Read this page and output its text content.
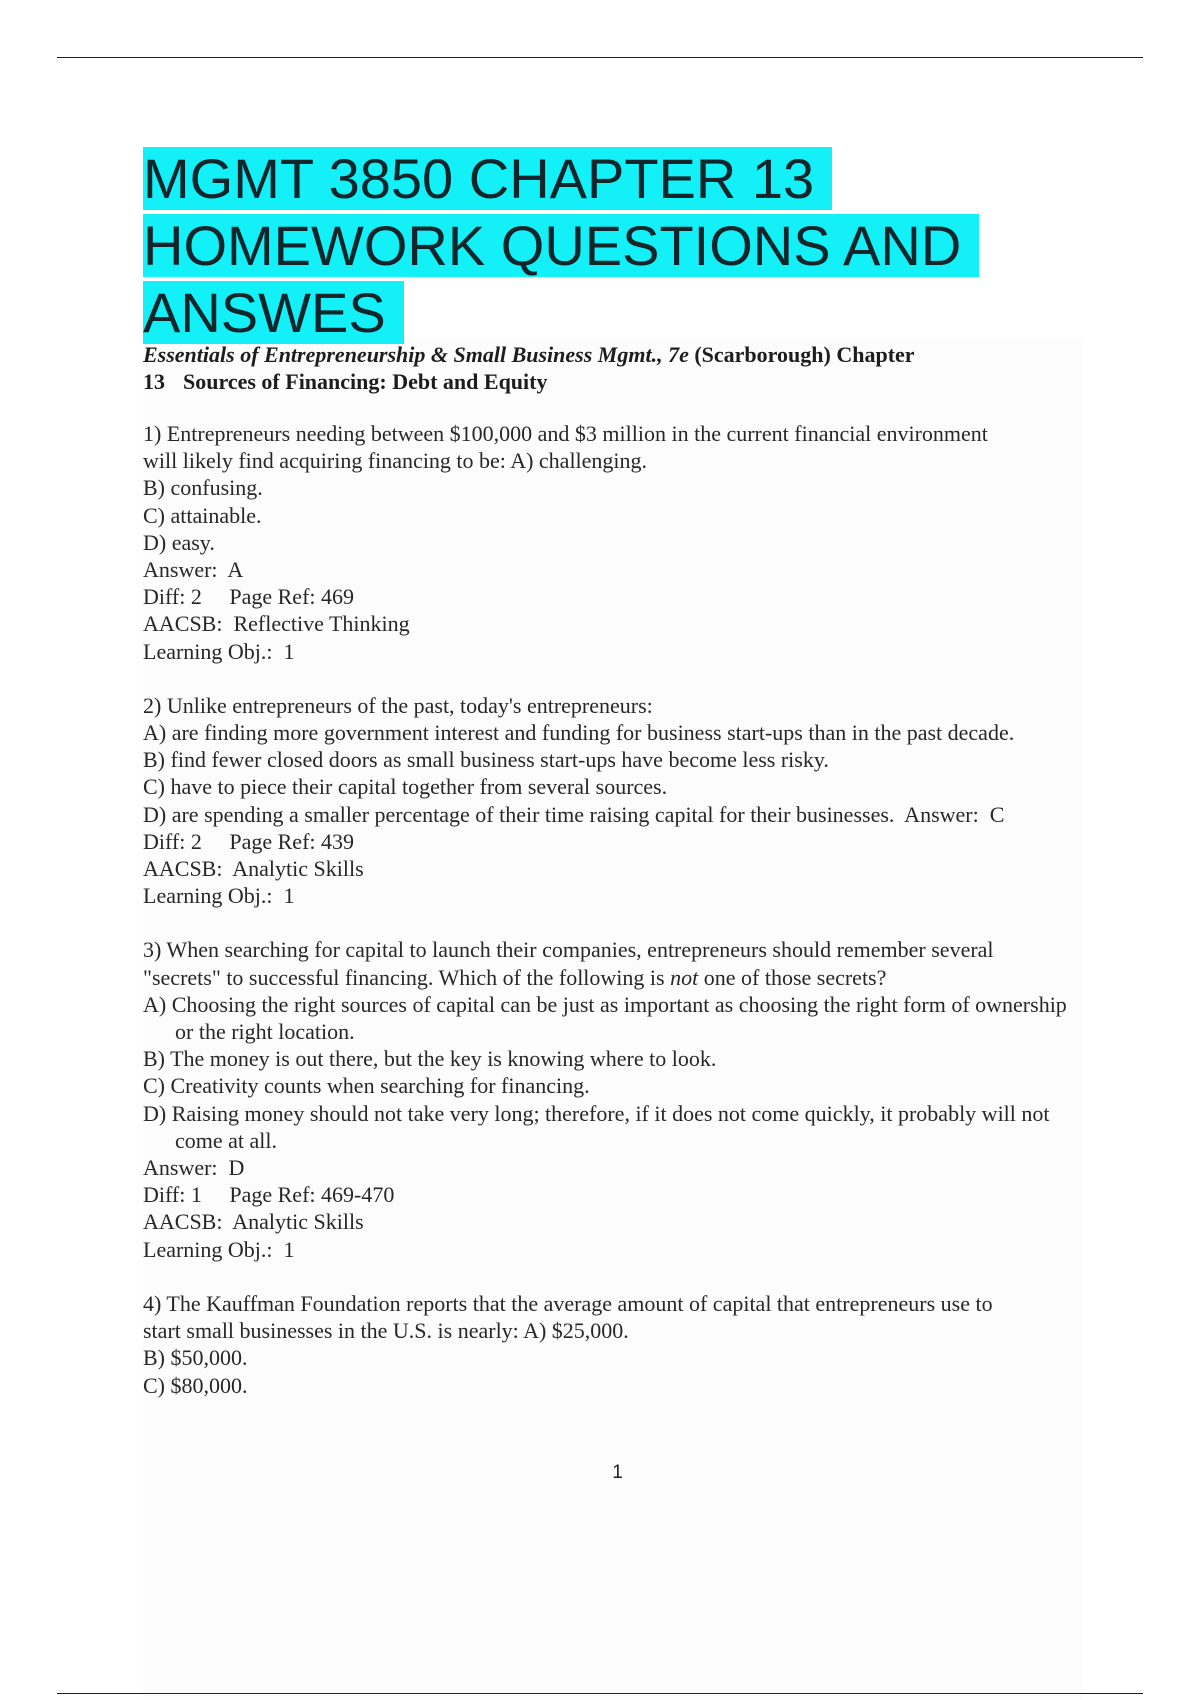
MGMT 3850 CHAPTER 13
HOMEWORK QUESTIONS AND
ANSWES
Essentials of Entrepreneurship & Small Business Mgmt., 7e (Scarborough) Chapter
13 Sources of Financing: Debt and Equity

1) Entrepreneurs needing between $100,000 and $3 million in the current financial environment

will likely find acquiring financing to be: A) challenging.

B) confusing.

C) attainable.

D) easy.

Answer:  A

Diff: 2     Page Ref: 469

AACSB:  Reflective Thinking

Learning Obj.:  1

2) Unlike entrepreneurs of the past, today's entrepreneurs:

A) are finding more government interest and funding for business start-ups than in the past decade.

B) find fewer closed doors as small business start-ups have become less risky.

C) have to piece their capital together from several sources.

D) are spending a smaller percentage of their time raising capital for their businesses.  Answer:  C

Diff: 2     Page Ref: 439

AACSB:  Analytic Skills

Learning Obj.:  1

3) When searching for capital to launch their companies, entrepreneurs should remember several

"secrets" to successful financing. Which of the following is not one of those secrets?

A) Choosing the right sources of capital can be just as important as choosing the right form of ownership or the right location.

B) The money is out there, but the key is knowing where to look.

C) Creativity counts when searching for financing.

D) Raising money should not take very long; therefore, if it does not come quickly, it probably will not come at all.

Answer:  D

Diff: 1     Page Ref: 469-470

AACSB:  Analytic Skills

Learning Obj.:  1

4) The Kauffman Foundation reports that the average amount of capital that entrepreneurs use to

start small businesses in the U.S. is nearly: A) $25,000.

B) $50,000.

C) $80,000.

1
